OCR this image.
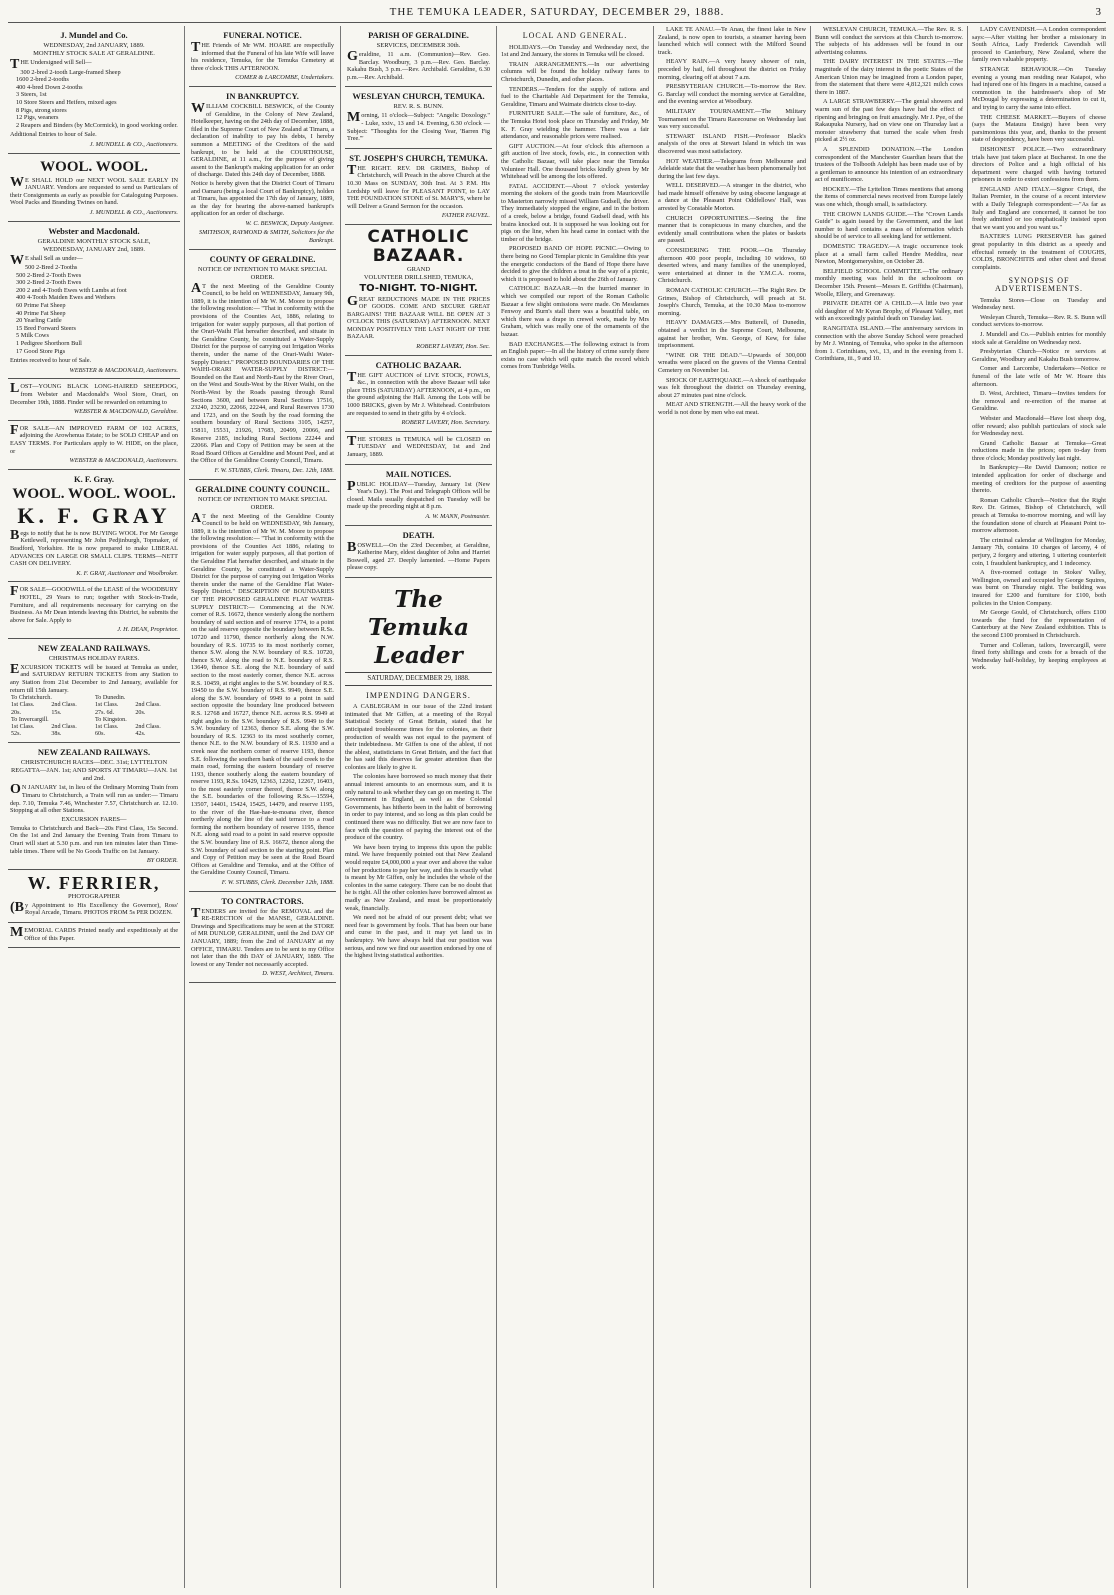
THE TEMUKA LEADER, SATURDAY, DECEMBER 29, 1888.	3
J. Mundel and Co.
WEDNESDAY, 2nd JANUARY, 1889.
MONTHLY STOCK SALE AT GERALDINE.

THE Undersigned will Sell—

300 2-bred 2-tooth Large-framed Sheep
1600 2-bred 2-tooths
400 4-bred Down 2-tooths
3 Steers, 1st
10 Store Steers and Heifers, mixed ages
8 Pigs, strong stores
12 Pigs, weaners
2 Reapers and Binders (by McCormick), in good working order.

Additional Entries to hour of Sale.

J. MUNDELL & CO., Auctioneers.
WOOL. WOOL.

WE SHALL HOLD our NEXT WOOL SALE EARLY IN JANUARY. Vendors are requested to send us Particulars of their Consignments as early as possible for Cataloguing Purposes. Wool Packs and Branding Twines on hand.

J. MUNDELL & CO., Auctioneers.
Webster and Macdonald.
GERALDINE MONTHLY STOCK SALE,
WEDNESDAY, JANUARY 2nd, 1889.

WE shall Sell as under—

500 2-Bred 2-Tooths
500 2-Bred 2-Tooth Ewes
300 2-Bred 2-Tooth Ewes
200 2 and 4-Tooth Ewes with Lambs at foot
400 4-Tooth Maiden Ewes and Wethers
60 Prime Fat Sheep
40 Prime Fat Sheep
20 Yearling Cattle
15 Bred Forward Steers
5 Milk Cows
1 Pedigree Shorthorn Bull
17 Good Store Pigs

Entries received to hour of Sale.

WEBSTER & MACDONALD, Auctioneers.

LOST—YOUNG BLACK LONG-HAIRED SHEEPDOG, from Webster and Macdonald's Wool Store, Orari, on December 19th, 1888. Finder will be rewarded on returning to

WEBSTER & MACDONALD, Geraldine.

FOR SALE—AN IMPROVED FARM OF 102 ACRES, adjoining the Arowhenua Estate; to be SOLD CHEAP and on EASY TERMS. For Particulars apply to W. HIDE, on the place, or

WEBSTER & MACDONALD, Auctioneers.
K. F. Gray.
WOOL. WOOL. WOOL.
K. F. GRAY

Begs to notify that he is now BUYING WOOL For Mr George Kettlewell, representing Mr John Pedjinburgh, Topmaker, of Bradford, Yorkshire. He is now prepared to make LIBERAL ADVANCES ON LARGE OR SMALL CLIPS. TERMS—NETT CASH ON DELIVERY.

K. F. GRAY, Auctioneer and Woolbroker.

FOR SALE—GOODWILL of the LEASE of the WOODBURY HOTEL, 29 Years to run; together with Stock-in-Trade, Furniture, and all requirements necessary for carrying on the Business. As Mr Dean intends leaving this District, he submits the above for Sale. Apply to

J. H. DEAN, Proprietor.
NEW ZEALAND RAILWAYS.
CHRISTMAS HOLIDAY FARES.

EXCURSION TICKETS will be issued at Temuka as under, and SATURDAY RETURN TICKETS from any Station to any Station from 21st December to 2nd January, available for return till 15th January.

To Christchurch.		To Dunedin.	
1st Class.	2nd Class.	1st Class.	2nd Class.
20s.	15s.	27s. 6d.	20s.
To Invercargill.		To Kingston.	
1st Class.	2nd Class.	1st Class.	2nd Class.
52s.	38s.	60s.	42s.
NEW ZEALAND RAILWAYS.
CHRISTCHURCH RACES—DEC. 31st; LYTTELTON REGATTA—JAN. 1st; AND SPORTS AT TIMARU—JAN. 1st and 2nd.

ON JANUARY 1st, in lieu of the Ordinary Morning Train from Timaru to Christchurch, a Train will run as under:— Timaru dep. 7.10, Temuka 7.46, Winchester 7.57, Christchurch ar. 12.10. Stopping at all other Stations.

EXCURSION FARES—

Temuka to Christchurch and Back—20s First Class, 15s Second. On the 1st and 2nd January the Evening Train from Timaru to Orari will start at 5.30 p.m. and run ten minutes later than Time-table times. There will be No Goods Traffic on 1st January.

BY ORDER.
W. FERRIER,
PHOTOGRAPHER

(By Appointment to His Excellency the Governor), Ross' Royal Arcade, Timaru. PHOTOS FROM 5s PER DOZEN.

MEMORIAL CARDS Printed neatly and expeditiously at the Office of this Paper.

FUNERAL NOTICE.

THE Friends of Mr WM. HOARE are respectfully informed that the Funeral of his late Wife will leave his residence, Temuka, for the Temuka Cemetery at three o'clock THIS AFTERNOON.

COMER & LARCOMBE, Undertakers.
IN BANKRUPTCY.

WILLIAM COCKBILL BESWICK, of the County of Geraldine, in the Colony of New Zealand, Hotelkeeper, having on the 24th day of December, 1888, filed in the Supreme Court of New Zealand at Timaru, a declaration of inability to pay his debts, I hereby summon a MEETING of the Creditors of the said bankrupt, to be held at the COURTHOUSE, GERALDINE, at 11 a.m., for the purpose of giving assent to the Bankrupt's making application for an order of discharge. Dated this 24th day of December, 1888.

Notice is hereby given that the District Court of Timaru and Oamaru (being a local Court of Bankruptcy), holden at Timaru, has appointed the 17th day of January, 1889, as the day for hearing the above-named bankrupt's application for an order of discharge.

W. C. BESWICK, Deputy Assignee.
SMITHSON, RAYMOND & SMITH, Solicitors for the Bankrupt.
COUNTY OF GERALDINE.
NOTICE OF INTENTION TO MAKE SPECIAL ORDER.

AT the next Meeting of the Geraldine County Council, to be held on WEDNESDAY, January 9th, 1889, it is the intention of Mr W. M. Moore to propose the following resolution:— "That in conformity with the provisions of the Counties Act, 1886, relating to irrigation for water supply purposes, all that portion of the Orari-Waihi Flat hereafter described, and situate in the Geraldine County, be constituted a Water-Supply District for the purpose of carrying out Irrigation Works therein, under the name of the Orari-Waihi Water-Supply District." PROPOSED BOUNDARIES OF THE WAIHI-ORARI WATER-SUPPLY DISTRICT:— Bounded on the East and North-East by the River Orari, on the West and South-West by the River Waihi, on the North-West by the Roads passing through Rural Sections 3600, and between Rural Sections 17516, 23240, 23230, 22066, 22244, and Rural Reserves 1730 and 1723, and on the South by the road forming the southern boundary of Rural Sections 3105, 14257, 15811, 15531, 21926, 17683, 20499, 20066, and Reserve 2185, including Rural Sections 22244 and 22066. Plan and Copy of Petition may be seen at the Road Board Offices at Geraldine and Mount Peel, and at the Office of the Geraldine County Council, Timaru.

F. W. STUBBS, Clerk. Timaru, Dec. 12th, 1888.
GERALDINE COUNTY COUNCIL.
NOTICE OF INTENTION TO MAKE SPECIAL ORDER.

AT the next Meeting of the Geraldine County Council to be held on WEDNESDAY, 9th January, 1889, it is the intention of Mr W. M. Moore to propose the following resolution:— "That in conformity with the provisions of the Counties Act 1886, relating to irrigation for water supply purposes, all that portion of the Geraldine Flat hereafter described, and situate in the Geraldine County, be constituted a Water-Supply District for the purpose of carrying out Irrigation Works therein under the name of the Geraldine Flat Water-Supply District." DESCRIPTION OF BOUNDARIES OF THE PROPOSED GERALDINE FLAT WATER-SUPPLY DISTRICT:— Commencing at the N.W. corner of R.S. 16672, thence westerly along the northern boundary of said section and of reserve 1774, to a point on the said reserve opposite the boundary between R.Ss. 10720 and 11790, thence northerly along the N.W. boundary of R.S. 10735 to its most northerly corner, thence S.W. along the N.W. boundary of R.S. 10720, thence S.W. along the road to N.E. boundary of R.S. 13649, thence S.E. along the N.E. boundary of said section to the most easterly corner, thence N.E. across R.S. 10459, at right angles to the S.W. boundary of R.S. 19450 to the S.W. boundary of R.S. 9949, thence S.E. along the S.W. boundary of 9949 to a point in said section opposite the boundary line produced between R.S. 12768 and 16727, thence N.E. across R.S. 9949 at right angles to the S.W. boundary of R.S. 9949 to the S.W. boundary of 12363, thence S.E. along the S.W. boundary of R.S. 12363 to its most southerly corner, thence N.E. to the N.W. boundary of R.S. 11930 and a creek near the northern corner of reserve 1193, thence S.E. following the southern bank of the said creek to the main road, forming the eastern boundary of reserve 1193, thence southerly along the eastern boundary of reserve 1193, R.Ss. 10429, 12363, 12262, 12267, 16403, to the most easterly corner thereof, thence S.W. along the S.E. boundaries of the following R.Ss.—15594, 13507, 14401, 15424, 15425, 14479, and reserve 1195, to the river of the Hae-hae-te-moana river, thence northerly along the line of the said terrace to a road forming the northern boundary of reserve 1195, thence N.E. along said road to a point in said reserve opposite the S.W. boundary line of R.S. 16672, thence along the S.W. boundary of said section to the starting point. Plan and Copy of Petition may be seen at the Road Board Offices at Geraldine and Temuka, and at the Office of the Geraldine County Council, Timaru.

F. W. STUBBS, Clerk. December 12th, 1888.
TO CONTRACTORS.

TENDERS are invited for the REMOVAL and the RE-ERECTION of the MANSE, GERALDINE. Drawings and Specifications may be seen at the STORE of MR DUNLOP, GERALDINE, until the 2nd DAY OF JANUARY, 1889; from the 2nd of JANUARY at my OFFICE, TIMARU. Tenders are to be sent to my Office not later than the 8th DAY of JANUARY, 1889. The lowest or any Tender not necessarily accepted.

D. WEST, Architect, Timaru.
PARISH OF GERALDINE.
SERVICES, DECEMBER 30th.

Geraldine, 11 a.m. (Communion)—Rev. Geo. Barclay. Woodbury, 3 p.m.—Rev. Geo. Barclay. Kakahu Bush, 3 p.m.—Rev. Archibald. Geraldine, 6.30 p.m.—Rev. Archibald.

WESLEYAN CHURCH, TEMUKA.
REV. R. S. BUNN.

Morning, 11 o'clock—Subject: "Angelic Doxology." - Luke, xxiv., 13 and 14. Evening, 6.30 o'clock — Subject: "Thoughts for the Closing Year, 'Barren Fig Tree.'"

ST. JOSEPH'S CHURCH, TEMUKA.

THE RIGHT. REV. DR GRIMES, Bishop of Christchurch, will Preach in the above Church at the 10.30 Mass on SUNDAY, 30th Inst. At 3 P.M. His Lordship will leave for PLEASANT POINT, to LAY THE FOUNDATION STONE of St. MARY'S, where he will Deliver a Grand Sermon for the occasion.

FATHER FAUVEL.
CATHOLIC BAZAAR.
GRAND
VOLUNTEER DRILLSHED, TEMUKA,
TO-NIGHT. TO-NIGHT.

GREAT REDUCTIONS MADE IN THE PRICES OF GOODS. COME AND SECURE GREAT BARGAINS! THE BAZAAR WILL BE OPEN AT 3 O'CLOCK THIS (SATURDAY) AFTERNOON. NEXT MONDAY POSITIVELY THE LAST NIGHT OF THE BAZAAR.

ROBERT LAVERY, Hon. Sec.
CATHOLIC BAZAAR.

THE GIFT AUCTION of LIVE STOCK, FOWLS, &c., in connection with the above Bazaar will take place THIS (SATURDAY) AFTERNOON, at 4 p.m., on the ground adjoining the Hall. Among the Lots will be 1000 BRICKS, given by Mr J. Whitehead. Contributors are requested to send in their gifts by 4 o'clock.

ROBERT LAVERY, Hon. Secretary.

THE STORES in TEMUKA will be CLOSED on TUESDAY and WEDNESDAY, 1st and 2nd January, 1889.

MAIL NOTICES.

PUBLIC HOLIDAY—Tuesday, January 1st (New Year's Day). The Post and Telegraph Offices will be closed. Mails usually despatched on Tuesday will be made up the preceding night at 8 p.m.

A. W. MANN, Postmaster.
DEATH.

BOSWELL—On the 23rd December, at Geraldine, Katherine Mary, eldest daughter of John and Harriet Boswell, aged 27. Deeply lamented. —Home Papers please copy.

The Temuka Leader
SATURDAY, DECEMBER 29, 1888.
IMPENDING DANGERS.

A CABLEGRAM in our issue of the 22nd instant intimated that Mr Giffen, at a meeting of the Royal Statistical Society of Great Britain, stated that he anticipated troublesome times for the colonies, as their production of wealth was not equal to the payment of their indebtedness. Mr Giffen is one of the ablest, if not the ablest, statisticians in Great Britain, and the fact that he has said this deserves far greater attention than the colonies are likely to give it.

The colonies have borrowed so much money that their annual interest amounts to an enormous sum, and it is only natural to ask whether they can go on meeting it. The Government in England, as well as the Colonial Governments, has hitherto been in the habit of borrowing in order to pay interest, and so long as this plan could be continued there was no difficulty. But we are now face to face with the question of paying the interest out of the produce of the country.

We have been trying to impress this upon the public mind. We have frequently pointed out that New Zealand would require £4,000,000 a year over and above the value of her productions to pay her way, and this is exactly what is meant by Mr Giffen, only he includes the whole of the colonies in the same category. There can be no doubt that he is right. All the other colonies have borrowed almost as madly as New Zealand, and must be proportionately weak, financially.

We need not be afraid of our present debt; what we need fear is government by fools. That has been our bane and curse in the past, and it may yet land us in bankruptcy. We have always held that our position was serious, and now we find our assertion endorsed by one of the highest living statistical authorities.

LOCAL AND GENERAL.

HOLIDAYS.—On Tuesday and Wednesday next, the 1st and 2nd January, the stores in Temuka will be closed.

TRAIN ARRANGEMENTS.—In our advertising columns will be found the holiday railway fares to Christchurch, Dunedin, and other places.

TENDERS.—Tenders for the supply of rations and fuel to the Charitable Aid Department for the Temuka, Geraldine, Timaru and Waimate districts close to-day.

FURNITURE SALE.—The sale of furniture, &c., of the Temuka Hotel took place on Thursday and Friday, Mr K. F. Gray wielding the hammer. There was a fair attendance, and reasonable prices were realised.

GIFT AUCTION.—At four o'clock this afternoon a gift auction of live stock, fowls, etc., in connection with the Catholic Bazaar, will take place near the Temuka Volunteer Hall. One thousand bricks kindly given by Mr Whitehead will be among the lots offered.

FATAL ACCIDENT.—About 7 o'clock yesterday morning the stokers of the goods train from Mauriceville to Masterton narrowly missed William Gudsell, the driver. They immediately stopped the engine, and in the bottom of a creek, below a bridge, found Gudsell dead, with his brains knocked out. It is supposed he was looking out for pigs on the line, when his head came in contact with the timber of the bridge.

PROPOSED BAND OF HOPE PICNIC.—Owing to there being no Good Templar picnic in Geraldine this year the energetic conductors of the Band of Hope there have decided to give the children a treat in the way of a picnic, which it is proposed to hold about the 26th of January.

CATHOLIC BAZAAR.—In the hurried manner in which we compiled our report of the Roman Catholic Bazaar a few slight omissions were made. On Mesdames Fenwoy and Burn's stall there was a beautiful table, on which there was a drape in crewel work, made by Mrs Graham, which was really one of the ornaments of the bazaar.

BAD EXCHANGES.—The following extract is from an English paper:—In all the history of crime surely there exists no case which will quite match the record which comes from Tunbridge Wells.

LAKE TE ANAU.—Te Anau, the finest lake in New Zealand, is now open to tourists, a steamer having been launched which will connect with the Milford Sound track.

HEAVY RAIN.—A very heavy shower of rain, preceded by hail, fell throughout the district on Friday morning, clearing off at about 7 a.m.

PRESBYTERIAN CHURCH.—To-morrow the Rev. G. Barclay will conduct the morning service at Geraldine, and the evening service at Woodbury.

MILITARY TOURNAMENT.—The Military Tournament on the Timaru Racecourse on Wednesday last was very successful.

STEWART ISLAND FISH.—Professor Black's analysis of the ores at Stewart Island in which tin was discovered was most satisfactory.

HOT WEATHER.—Telegrams from Melbourne and Adelaide state that the weather has been phenomenally hot during the last few days.

WELL DESERVED.—A stranger in the district, who had made himself offensive by using obscene language at a dance at the Pleasant Point Oddfellows' Hall, was arrested by Constable Morton.

CHURCH OPPORTUNITIES.—Seeing the fine manner that is conspicuous in many churches, and the evidently small contributions when the plates or baskets are passed.

CONSIDERING THE POOR.—On Thursday afternoon 400 poor people, including 10 widows, 60 deserted wives, and many families of the unemployed, were entertained at dinner in the Y.M.C.A. rooms, Christchurch.

ROMAN CATHOLIC CHURCH.—The Right Rev. Dr Grimes, Bishop of Christchurch, will preach at St. Joseph's Church, Temuka, at the 10.30 Mass to-morrow morning.

HEAVY DAMAGES.—Mrs Butterell, of Dunedin, obtained a verdict in the Supreme Court, Melbourne, against her brother, Wm. George, of Kew, for false imprisonment.

"WINE OR THE DEAD."—Upwards of 300,000 wreaths were placed on the graves of the Vienna Central Cemetery on November 1st.

SHOCK OF EARTHQUAKE.—A shock of earthquake was felt throughout the district on Thursday evening, about 27 minutes past nine o'clock.

MEAT AND STRENGTH.—All the heavy work of the world is not done by men who eat meat.

WESLEYAN CHURCH, TEMUKA.—The Rev. R. S. Bunn will conduct the services at this Church to-morrow. The subjects of his addresses will be found in our advertising columns.

THE DAIRY INTEREST IN THE STATES.—The magnitude of the dairy interest in the poetic States of the American Union may be imagined from a London paper, from the statement that there were 4,812,321 milch cows there in 1887.

A LARGE STRAWBERRY.—The genial showers and warm sun of the past few days have had the effect of ripening and bringing on fruit amazingly. Mr J. Pye, of the Rakaupuka Nursery, had on view one on Thursday last a monster strawberry that turned the scale when fresh picked at 2½ oz.

A SPLENDID DONATION.—The London correspondent of the Manchester Guardian hears that the trustees of the Tolbooth Adelphi has been made use of by a gentleman to announce his intention of an extraordinary act of munificence.

HOCKEY.—The Lyttelton Times mentions that among the items of commercial news received from Europe lately was one which, though small, is satisfactory.

THE CROWN LANDS GUIDE.—The "Crown Lands Guide" is again issued by the Government, and the last number to hand contains a mass of information which should be of service to all seeking land for settlement.

DOMESTIC TRAGEDY.—A tragic occurrence took place at a small farm called Hendre Meddira, near Newton, Montgomeryshire, on October 28.

BELFIELD SCHOOL COMMITTEE.—The ordinary monthly meeting was held in the schoolroom on December 15th. Present—Messrs E. Griffiths (Chairman), Woolle, Ellery, and Greenaway.

PRIVATE DEATH OF A CHILD.—A little two year old daughter of Mr Kyran Brophy, of Pleasant Valley, met with an exceedingly painful death on Tuesday last.

RANGITATA ISLAND.—The anniversary services in connection with the above Sunday School were preached by Mr J. Winning, of Temuka, who spoke in the afternoon from 1. Corinthians, xvi., 13, and in the evening from 1. Corinthians, iii., 9 and 10.

LADY CAVENDISH.—A London correspondent says:—After visiting her brother a missionary in South Africa, Lady Frederick Cavendish will proceed to Canterbury, New Zealand, where the family own valuable property.

STRANGE BEHAVIOUR.—On Tuesday evening a young man residing near Kaiapoi, who had injured one of his fingers in a machine, caused a commotion in the hairdresser's shop of Mr McDougal by expressing a determination to cut it, and trying to carry the same into effect.

THE CHEESE MARKET.—Buyers of cheese (says the Mataura Ensign) have been very parsimonious this year, and, thanks to the present state of despondency, have been very successful.

DISHONEST POLICE.—Two extraordinary trials have just taken place at Bucharest. In one the directors of Police and a high official of his department were charged with having tortured prisoners in order to extort confessions from them.

ENGLAND AND ITALY.—Signor Crispi, the Italian Premier, in the course of a recent interview with a Daily Telegraph correspondent:—"As far as Italy and England are concerned, it cannot be too freely admitted or too emphatically insisted upon that we want you and you want us."

BAXTER'S LUNG PRESERVER has gained great popularity in this district as a speedy and effectual remedy in the treatment of COUGHS, COLDS, BRONCHITIS and other chest and throat complaints.

SYNOPSIS OF ADVERTISEMENTS.

Temuka Stores—Close on Tuesday and Wednesday next.

Wesleyan Church, Temuka—Rev. R. S. Bunn will conduct services to-morrow.

J. Mundell and Co.—Publish entries for monthly stock sale at Geraldine on Wednesday next.

Presbyterian Church—Notice re services at Geraldine, Woodbury and Kakahu Bush tomorrow.

Comer and Larcombe, Undertakers—Notice re funeral of the late wife of Mr W. Hoare this afternoon.

D. West, Architect, Timaru—Invites tenders for the removal and re-erection of the manse at Geraldine.

Webster and Macdonald—Have lost sheep dog, offer reward; also publish particulars of stock sale for Wednesday next.

Grand Catholic Bazaar at Temuka—Great reductions made in the prices; open to-day from three o'clock; Monday positively last night.

In Bankruptcy—Re David Damoon; notice re intended application for order of discharge and meeting of creditors for the purpose of assenting thereto.

Roman Catholic Church—Notice that the Right Rev. Dr. Grimes, Bishop of Christchurch, will preach at Temuka to-morrow morning, and will lay the foundation stone of church at Pleasant Point to-morrow afternoon.

The criminal calendar at Wellington for Monday, January 7th, contains 10 charges of larceny, 4 of perjury, 2 forgery and uttering, 1 uttering counterfeit coin, 1 fraudulent bankruptcy, and 1 indecency.

A five-roomed cottage in Stokes' Valley, Wellington, owned and occupied by George Squires, was burnt on Thursday night. The building was insured for £200 and furniture for £100, both policies in the Union Company.

Mr George Gould, of Christchurch, offers £100 towards the fund for the representation of Canterbury at the New Zealand exhibition. This is the second £100 promised in Christchurch.

Turner and Colleran, tailors, Invercargill, were fined forty shillings and costs for a breach of the Wednesday half-holiday, by keeping employees at work.
